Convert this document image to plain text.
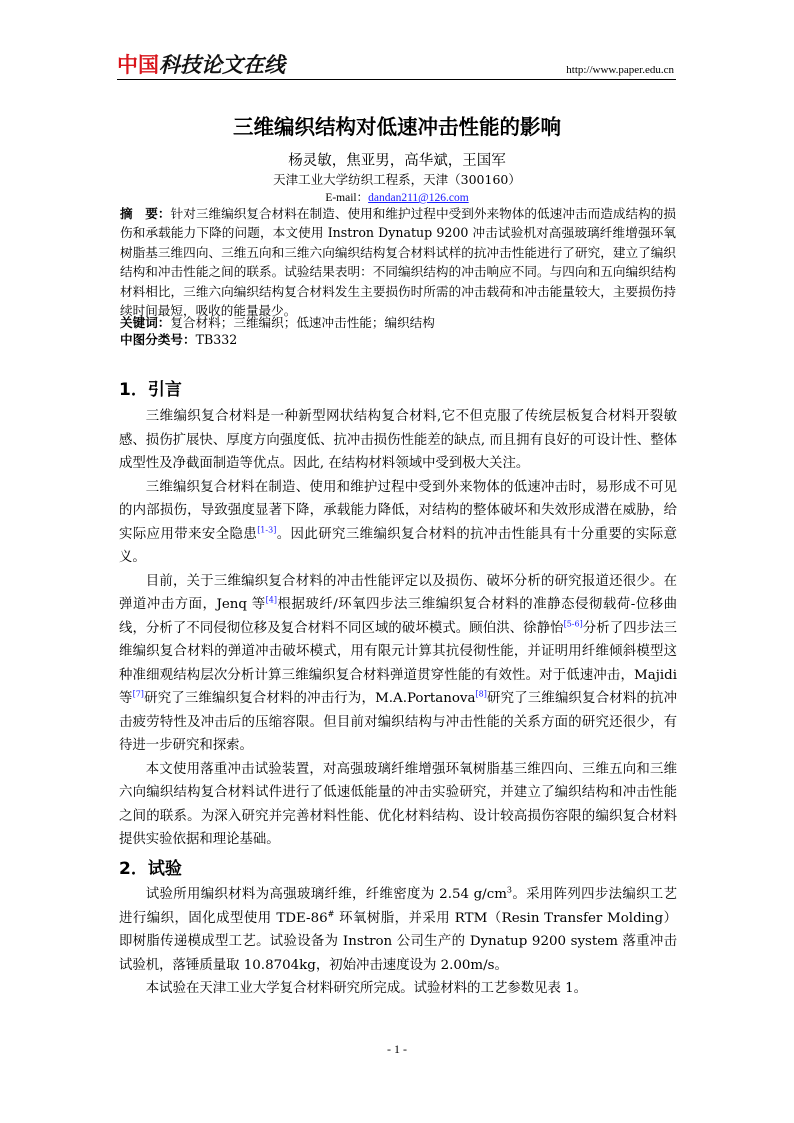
中国科技论文在线	http://www.paper.edu.cn
三维编织结构对低速冲击性能的影响
杨灵敏，焦亚男，高华斌，王国军
天津工业大学纺织工程系，天津（300160）
E-mail：dandan211@126.com
摘　要：针对三维编织复合材料在制造、使用和维护过程中受到外来物体的低速冲击而造成结构的损伤和承载能力下降的问题，本文使用 Instron Dynatup 9200 冲击试验机对高强玻璃纤维增强环氧树脂基三维四向、三维五向和三维六向编织结构复合材料试样的抗冲击性能进行了研究，建立了编织结构和冲击性能之间的联系。试验结果表明：不同编织结构的冲击响应不同。与四向和五向编织结构材料相比，三维六向编织结构复合材料发生主要损伤时所需的冲击载荷和冲击能量较大，主要损伤持续时间最短，吸收的能量最少。
关键词：复合材料；三维编织；低速冲击性能；编织结构
中图分类号：TB332
1．引言

三维编织复合材料是一种新型网状结构复合材料,它不但克服了传统层板复合材料开裂敏感、损伤扩展快、厚度方向强度低、抗冲击损伤性能差的缺点, 而且拥有良好的可设计性、整体成型性及净截面制造等优点。因此, 在结构材料领域中受到极大关注。

三维编织复合材料在制造、使用和维护过程中受到外来物体的低速冲击时，易形成不可见的内部损伤，导致强度显著下降，承载能力降低，对结构的整体破坏和失效形成潜在威胁，给实际应用带来安全隐患[1-3]。因此研究三维编织复合材料的抗冲击性能具有十分重要的实际意义。

目前，关于三维编织复合材料的冲击性能评定以及损伤、破坏分析的研究报道还很少。在弹道冲击方面，Jenq 等[4]根据玻纤/环氧四步法三维编织复合材料的准静态侵彻载荷-位移曲线，分析了不同侵彻位移及复合材料不同区域的破坏模式。顾伯洪、徐静怡[5-6]分析了四步法三维编织复合材料的弹道冲击破坏模式，用有限元计算其抗侵彻性能，并证明用纤维倾斜模型这种准细观结构层次分析计算三维编织复合材料弹道贯穿性能的有效性。对于低速冲击，Majidi 等[7]研究了三维编织复合材料的冲击行为，M.A.Portanova[8]研究了三维编织复合材料的抗冲击疲劳特性及冲击后的压缩容限。但目前对编织结构与冲击性能的关系方面的研究还很少，有待进一步研究和探索。

本文使用落重冲击试验装置，对高强玻璃纤维增强环氧树脂基三维四向、三维五向和三维六向编织结构复合材料试件进行了低速低能量的冲击实验研究，并建立了编织结构和冲击性能之间的联系。为深入研究并完善材料性能、优化材料结构、设计较高损伤容限的编织复合材料提供实验依据和理论基础。

2．试验

试验所用编织材料为高强玻璃纤维，纤维密度为 2.54 $g/cm^3$。采用阵列四步法编织工艺进行编织，固化成型使用 TDE-86# 环氧树脂，并采用 RTM（Resin Transfer Molding）即树脂传递模成型工艺。试验设备为 Instron 公司生产的 Dynatup 9200 system 落重冲击试验机，落锤质量取 10.8704kg，初始冲击速度设为 2.00m/s。

本试验在天津工业大学复合材料研究所完成。试验材料的工艺参数见表 1。

- 1 -
